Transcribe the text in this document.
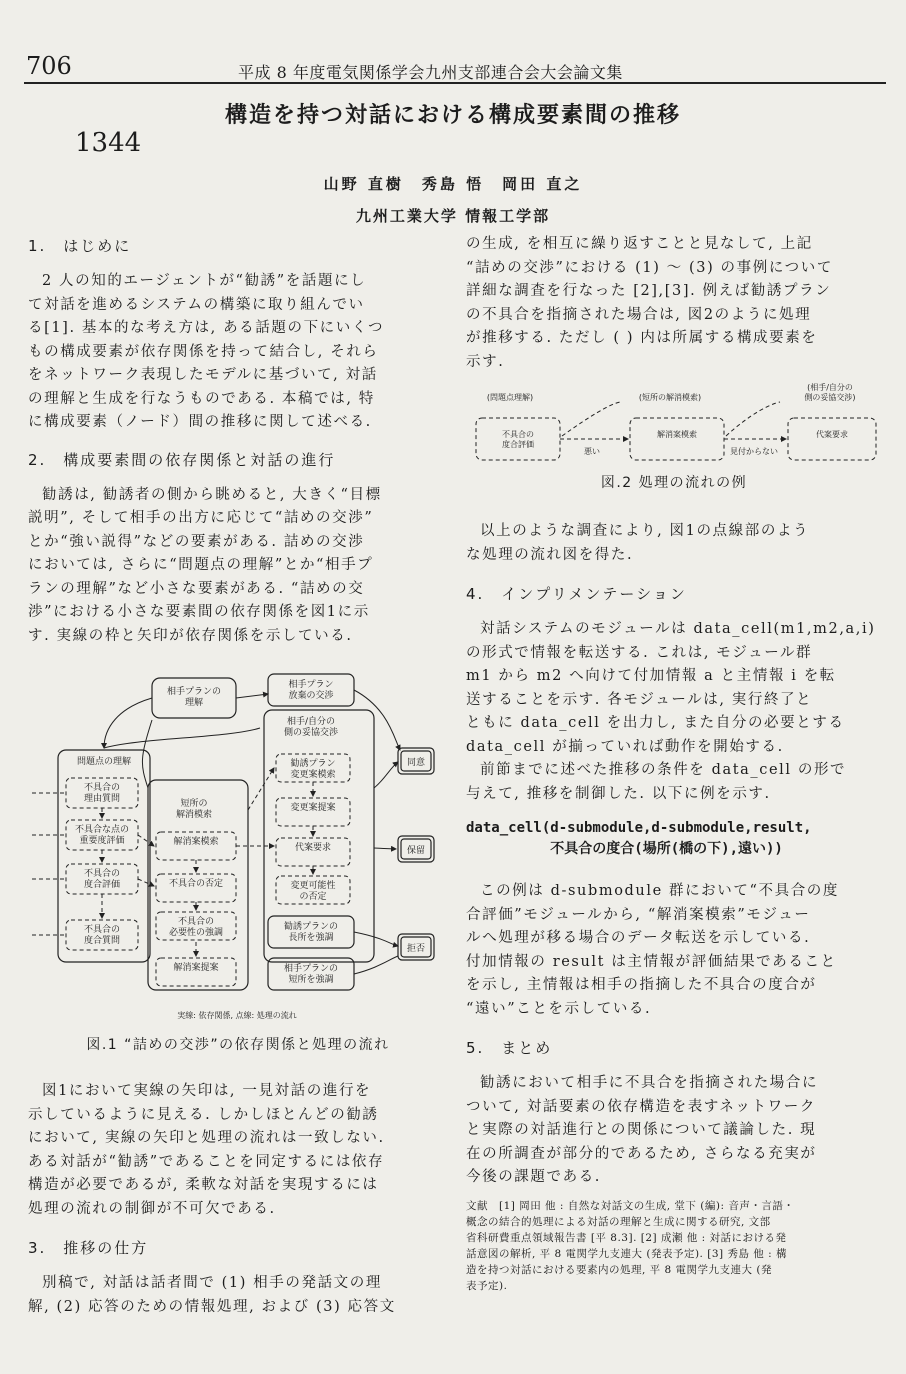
706	平成 8 年度電気関係学会九州支部連合会大会論文集
構造を持つ対話における構成要素間の推移
1344
山野 直樹　秀島 悟　岡田 直之
九州工業大学 情報工学部
1.　はじめに
2 人の知的エージェントが“勧誘”を話題にし
て対話を進めるシステムの構築に取り組んでい
る[1]. 基本的な考え方は, ある話題の下にいくつ
もの構成要素が依存関係を持って結合し, それら
をネットワーク表現したモデルに基づいて, 対話
の理解と生成を行なうものである. 本稿では, 特
に構成要素（ノード）間の推移に関して述べる.
2.　構成要素間の依存関係と対話の進行
勧誘は, 勧誘者の側から眺めると, 大きく“目標
説明”, そして相手の出方に応じて“詰めの交渉”
とか“強い説得”などの要素がある. 詰めの交渉
においては, さらに“問題点の理解”とか“相手プ
ランの理解”など小さな要素がある. “詰めの交
渉”における小さな要素間の依存関係を図1に示
す. 実線の枠と矢印が依存関係を示している.
問題点の理解
不具合の理由質問
不具合な点の重要度評価
不具合の度合評価
不具合の度合質問
相手プランの理解
短所の解消模索
解消案模索
不具合の否定
不具合の必要性の強調
解消案提案
相手プラン放棄の交渉
相手/自分の側の妥協交渉
勧誘プラン変更案模索
変更案提案
代案要求
変更可能性の否定
勧誘プランの長所を強調
相手プランの短所を強調
同意
保留
拒否
実線: 依存関係, 点線: 処理の流れ
図.1 “詰めの交渉”の依存関係と処理の流れ
図1において実線の矢印は, 一見対話の進行を
示しているように見える. しかしほとんどの勧誘
において, 実線の矢印と処理の流れは一致しない.
ある対話が“勧誘”であることを同定するには依存
構造が必要であるが, 柔軟な対話を実現するには
処理の流れの制御が不可欠である.
3.　推移の仕方
別稿で, 対話は話者間で (1) 相手の発話文の理
解, (2) 応答のための情報処理, および (3) 応答文
の生成, を相互に繰り返すことと見なして, 上記
“詰めの交渉”における (1) ～ (3) の事例について
詳細な調査を行なった [2],[3]. 例えば勧誘プラン
の不具合を指摘された場合は, 図2のように処理
が推移する. ただし ( ) 内は所属する構成要素を
示す.
(問題点理解)	(短所の解消模索)
(相手/自分の側の妥協交渉)
不具合の度合評価
解消案模索	代案要求
悪い	見付からない
図.2 処理の流れの例
以上のような調査により, 図1の点線部のよう
な処理の流れ図を得た.
4.　インプリメンテーション
対話システムのモジュールは data_cell(m1,m2,a,i)
の形式で情報を転送する. これは, モジュール群
m1 から m2 へ向けて付加情報 a と主情報 i を転
送することを示す. 各モジュールは, 実行終了と
ともに data_cell を出力し, また自分の必要とする
data_cell が揃っていれば動作を開始する.
前節までに述べた推移の条件を data_cell の形で
与えて, 推移を制御した. 以下に例を示す.
data_cell(d-submodule,d-submodule,result,
不具合の度合(場所(橋の下),遠い))
この例は d-submodule 群において“不具合の度
合評価”モジュールから, “解消案模索”モジュー
ルへ処理が移る場合のデータ転送を示している.
付加情報の result は主情報が評価結果であること
を示し, 主情報は相手の指摘した不具合の度合が
“遠い”ことを示している.
5.　まとめ
勧誘において相手に不具合を指摘された場合に
ついて, 対話要素の依存構造を表すネットワーク
と実際の対話進行との関係について議論した. 現
在の所調査が部分的であるため, さらなる充実が
今後の課題である.
文献　[1] 岡田 他 : 自然な対話文の生成, 堂下 (編): 音声・言語・
概念の結合的処理による対話の理解と生成に関する研究, 文部
省科研費重点領域報告書 [平 8.3]. [2] 成瀬 他 : 対話における発
話意図の解析, 平 8 電関学九支連大 (発表予定). [3] 秀島 他 : 構
造を持つ対話における要素内の処理, 平 8 電関学九支連大 (発
表予定).
